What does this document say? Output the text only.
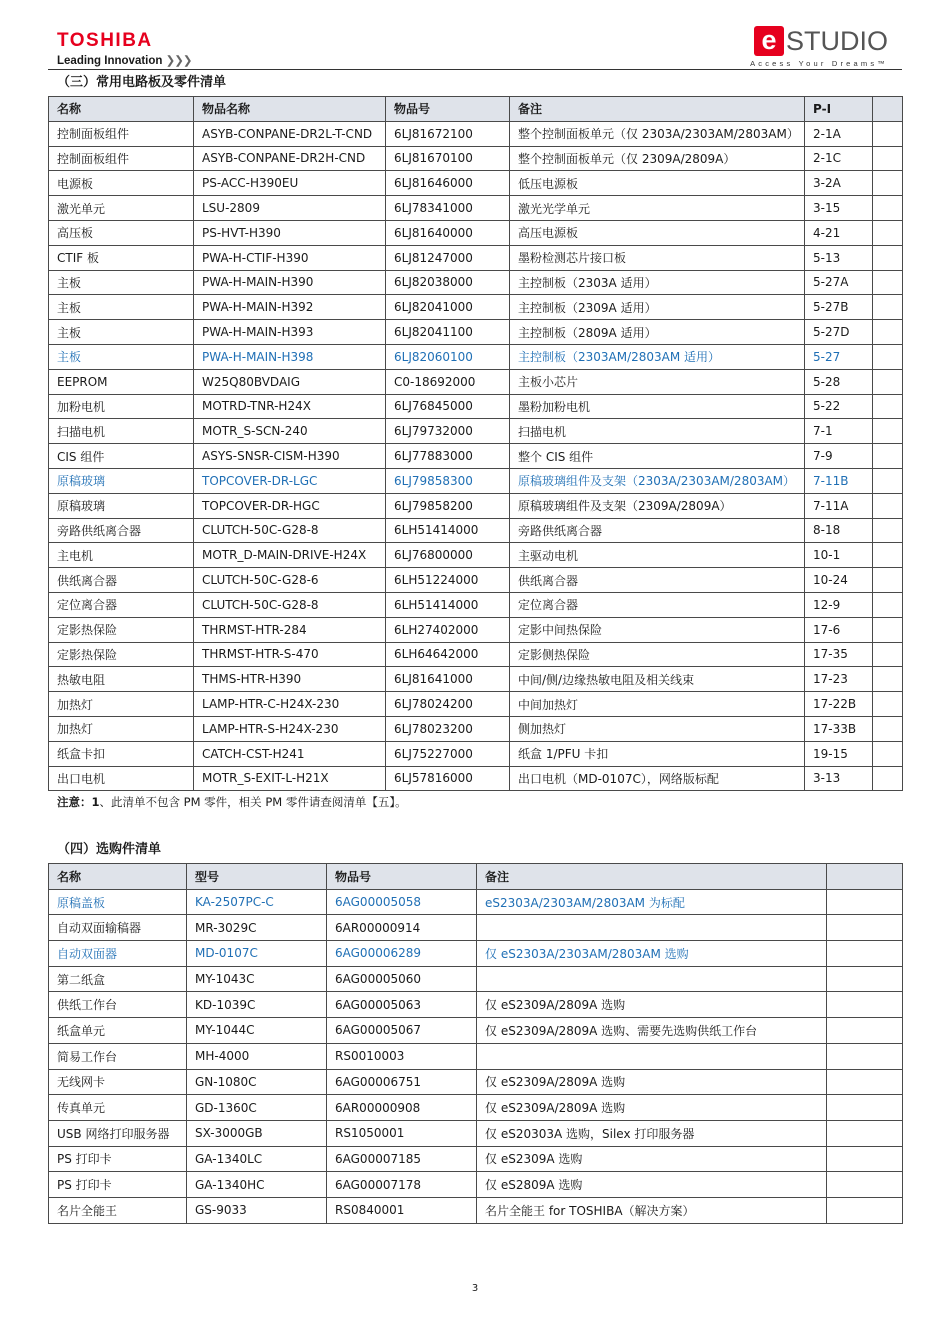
TOSHIBA
Leading Innovation ❯❯❯
e STUDIO
Access Your Dreams™
（三）常用电路板及零件清单
名称	物品名称	物品号	备注	P-I	
控制面板组件	ASYB-CONPANE-DR2L-T-CND	6LJ81672100	整个控制面板单元（仅 2303A/2303AM/2803AM）	2-1A	
控制面板组件	ASYB-CONPANE-DR2H-CND	6LJ81670100	整个控制面板单元（仅 2309A/2809A）	2-1C	
电源板	PS-ACC-H390EU	6LJ81646000	低压电源板	3-2A	
激光单元	LSU-2809	6LJ78341000	激光光学单元	3-15	
高压板	PS-HVT-H390	6LJ81640000	高压电源板	4-21	
CTIF 板	PWA-H-CTIF-H390	6LJ81247000	墨粉检测芯片接口板	5-13	
主板	PWA-H-MAIN-H390	6LJ82038000	主控制板（2303A 适用）	5-27A	
主板	PWA-H-MAIN-H392	6LJ82041000	主控制板（2309A 适用）	5-27B	
主板	PWA-H-MAIN-H393	6LJ82041100	主控制板（2809A 适用）	5-27D	
主板	PWA-H-MAIN-H398	6LJ82060100	主控制板（2303AM/2803AM 适用）	5-27	
EEPROM	W25Q80BVDAIG	C0-18692000	主板小芯片	5-28	
加粉电机	MOTRD-TNR-H24X	6LJ76845000	墨粉加粉电机	5-22	
扫描电机	MOTR_S-SCN-240	6LJ79732000	扫描电机	7-1	
CIS 组件	ASYS-SNSR-CISM-H390	6LJ77883000	整个 CIS 组件	7-9	
原稿玻璃	TOPCOVER-DR-LGC	6LJ79858300	原稿玻璃组件及支架（2303A/2303AM/2803AM）	7-11B	
原稿玻璃	TOPCOVER-DR-HGC	6LJ79858200	原稿玻璃组件及支架（2309A/2809A）	7-11A	
旁路供纸离合器	CLUTCH-50C-G28-8	6LH51414000	旁路供纸离合器	8-18	
主电机	MOTR_D-MAIN-DRIVE-H24X	6LJ76800000	主驱动电机	10-1	
供纸离合器	CLUTCH-50C-G28-6	6LH51224000	供纸离合器	10-24	
定位离合器	CLUTCH-50C-G28-8	6LH51414000	定位离合器	12-9	
定影热保险	THRMST-HTR-284	6LH27402000	定影中间热保险	17-6	
定影热保险	THRMST-HTR-S-470	6LH64642000	定影侧热保险	17-35	
热敏电阻	THMS-HTR-H390	6LJ81641000	中间/侧/边缘热敏电阻及相关线束	17-23	
加热灯	LAMP-HTR-C-H24X-230	6LJ78024200	中间加热灯	17-22B	
加热灯	LAMP-HTR-S-H24X-230	6LJ78023200	侧加热灯	17-33B	
纸盒卡扣	CATCH-CST-H241	6LJ75227000	纸盒 1/PFU 卡扣	19-15	
出口电机	MOTR_S-EXIT-L-H21X	6LJ57816000	出口电机（MD-0107C），网络版标配	3-13	
注意：1、此清单不包含 PM 零件，相关 PM 零件请查阅清单【五】。
（四）选购件清单
名称	型号	物品号	备注	
原稿盖板	KA-2507PC-C	6AG00005058	eS2303A/2303AM/2803AM 为标配	
自动双面输稿器	MR-3029C	6AR00000914		
自动双面器	MD-0107C	6AG00006289	仅 eS2303A/2303AM/2803AM 选购	
第二纸盒	MY-1043C	6AG00005060		
供纸工作台	KD-1039C	6AG00005063	仅 eS2309A/2809A 选购	
纸盒单元	MY-1044C	6AG00005067	仅 eS2309A/2809A 选购、需要先选购供纸工作台	
简易工作台	MH-4000	RS0010003		
无线网卡	GN-1080C	6AG00006751	仅 eS2309A/2809A 选购	
传真单元	GD-1360C	6AR00000908	仅 eS2309A/2809A 选购	
USB 网络打印服务器	SX-3000GB	RS1050001	仅 eS20303A 选购，Silex 打印服务器	
PS 打印卡	GA-1340LC	6AG00007185	仅 eS2309A 选购	
PS 打印卡	GA-1340HC	6AG00007178	仅 eS2809A 选购	
名片全能王	GS-9033	RS0840001	名片全能王 for TOSHIBA（解决方案）	
3
